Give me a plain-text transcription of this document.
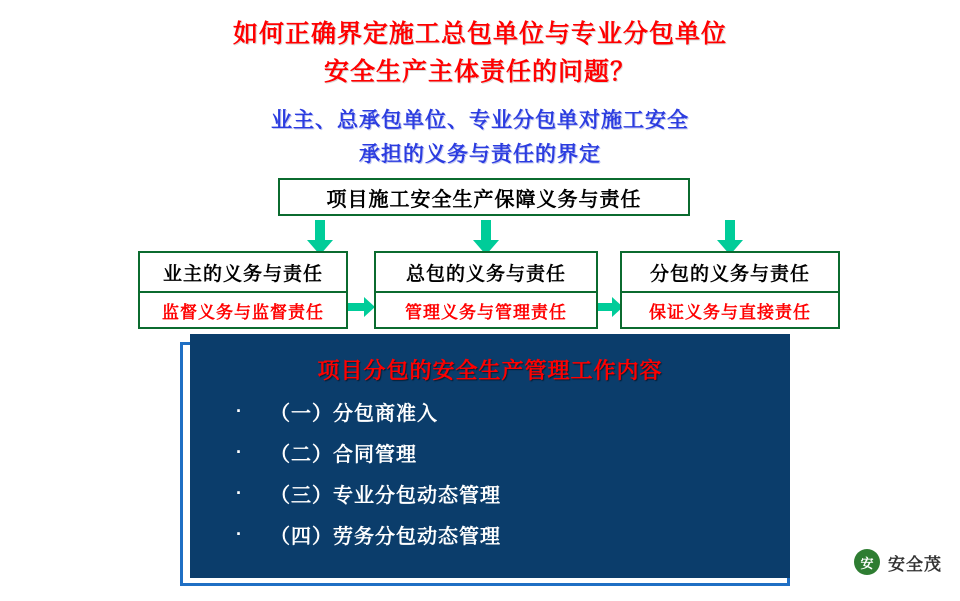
如何正确界定施工总包单位与专业分包单位
安全生产主体责任的问题？
业主、总承包单位、专业分包单对施工安全
承担的义务与责任的界定
项目施工安全生产保障义务与责任
业主的义务与责任
监督义务与监督责任
总包的义务与责任
管理义务与管理责任
分包的义务与责任
保证义务与直接责任
项目分包的安全生产管理工作内容
·	（一）分包商准入
·	（二）合同管理
·	（三）专业分包动态管理
·	（四）劳务分包动态管理
安 安全茂
